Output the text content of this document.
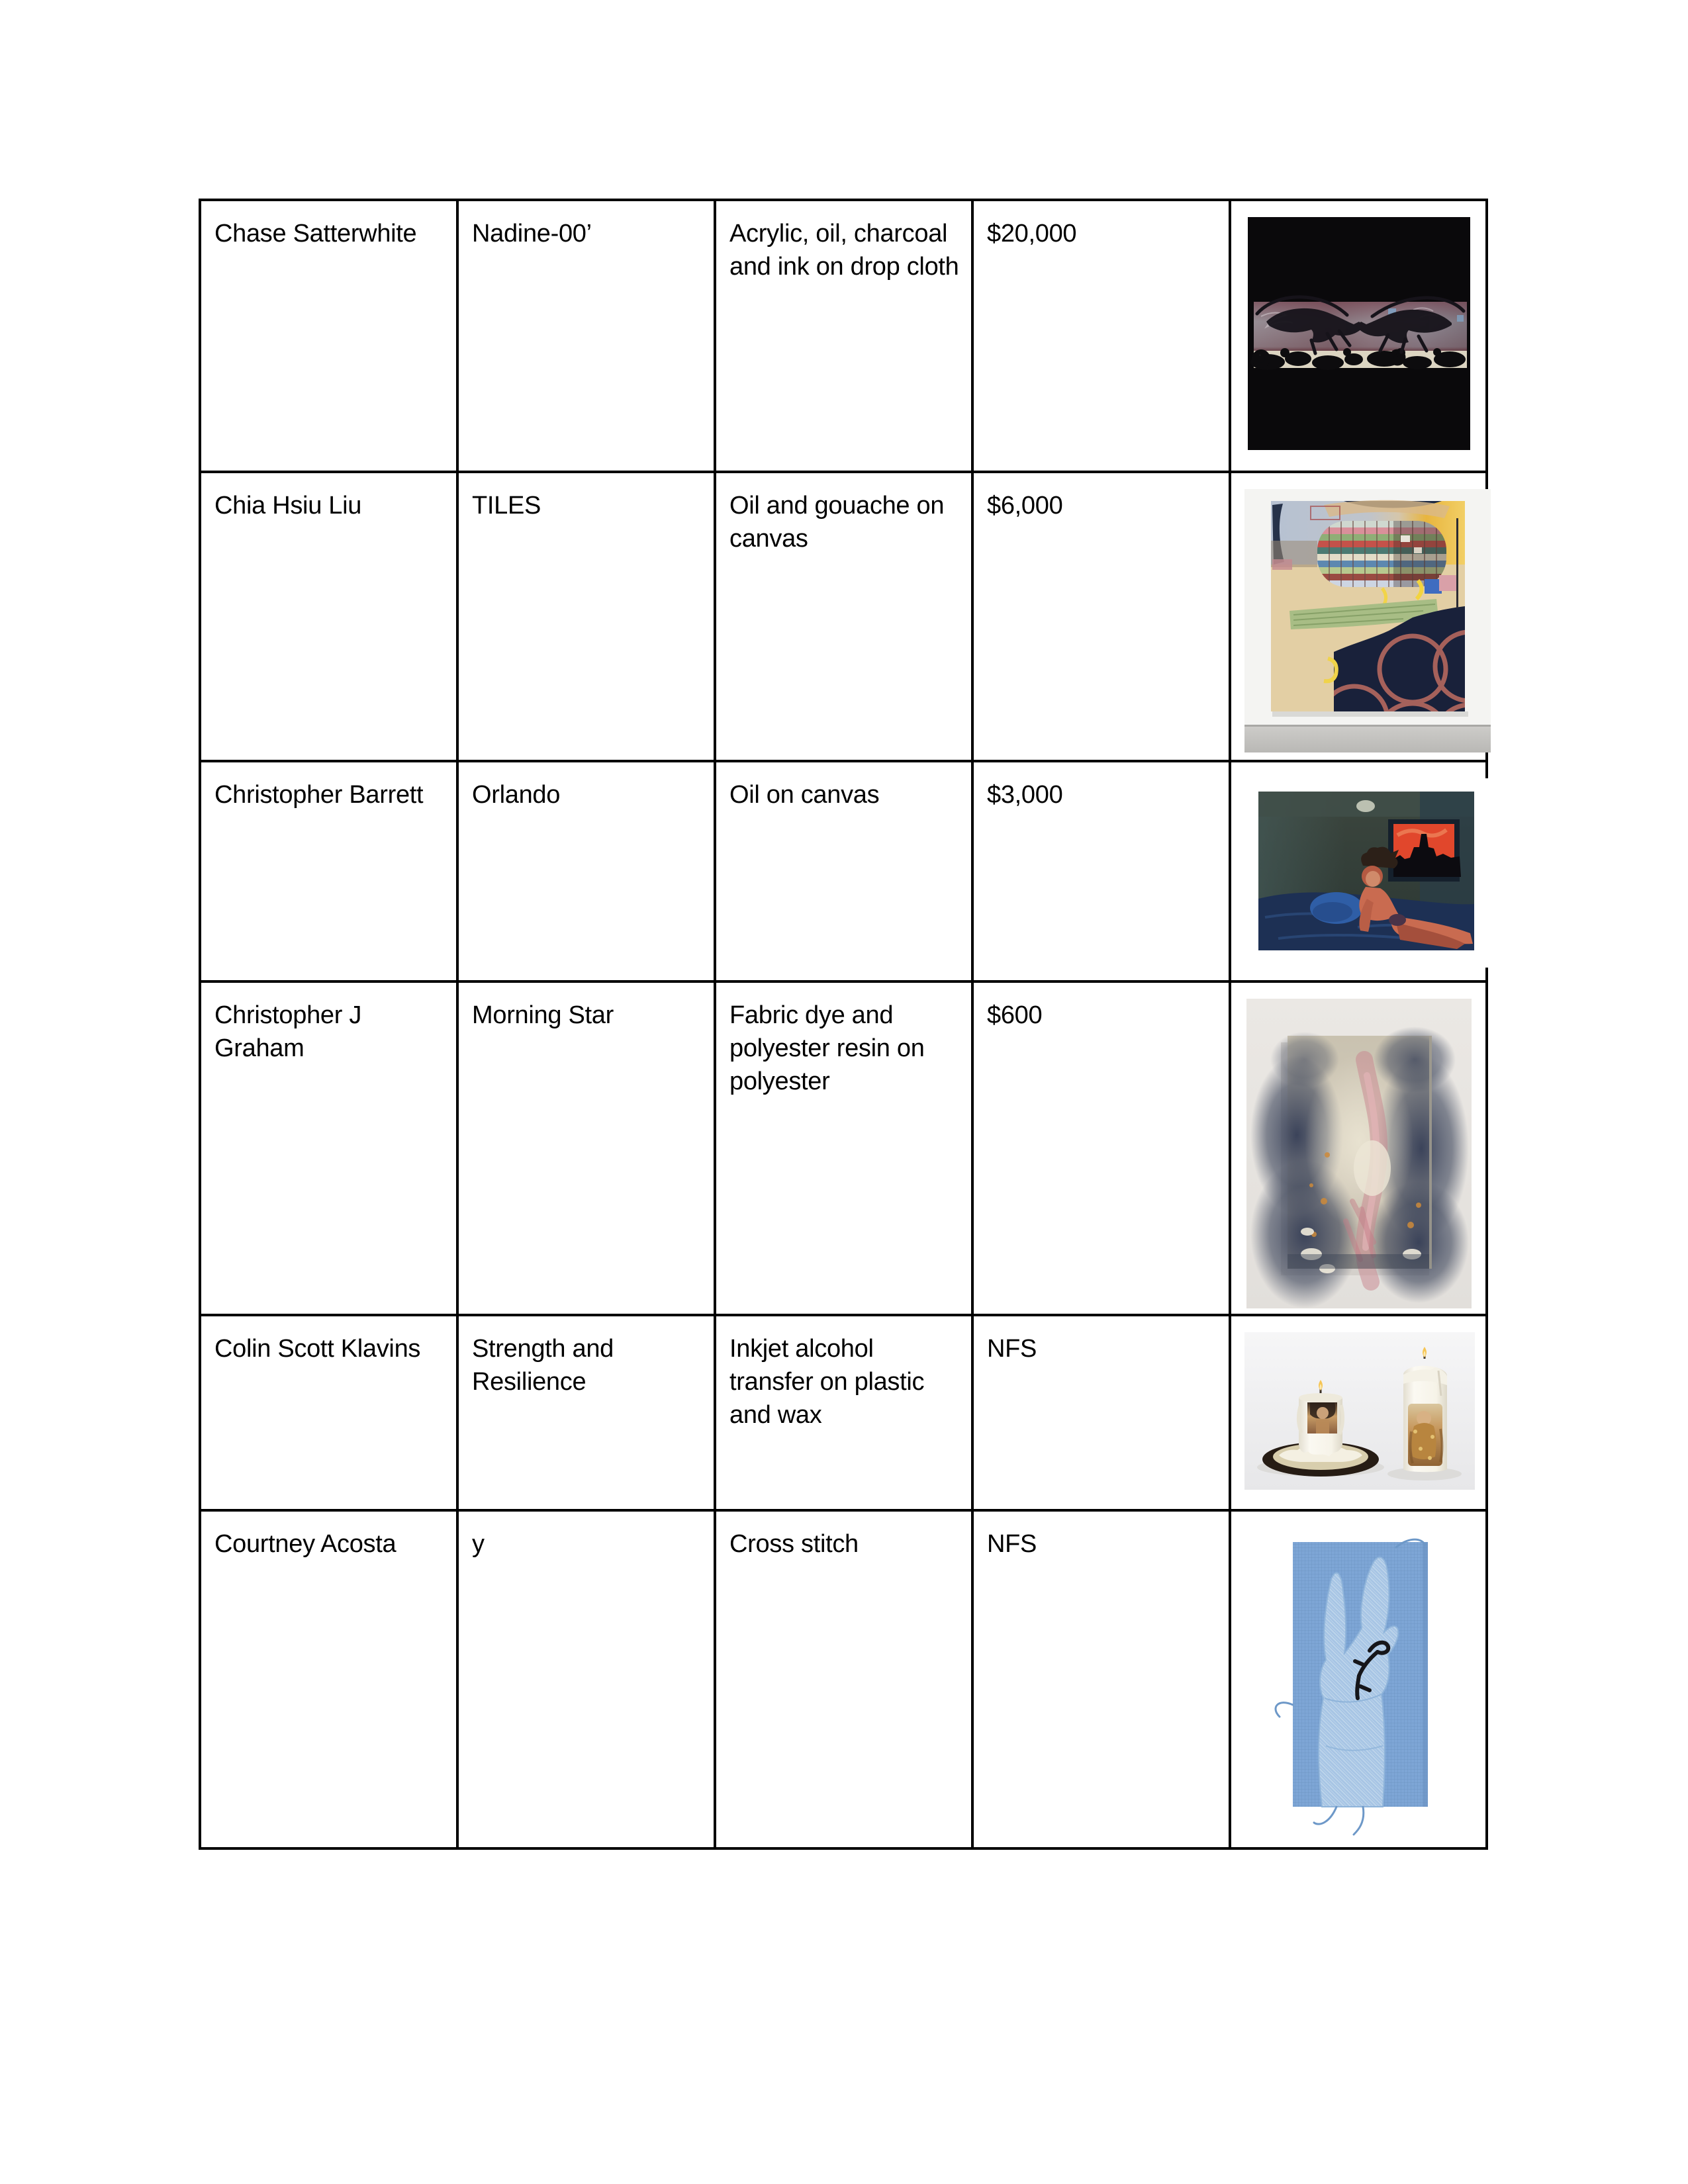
Chase Satterwhite	Nadine-00’	Acrylic, oil, charcoal and ink on drop cloth	$20,000	
Chia Hsiu Liu	TILES	Oil and gouache on canvas	$6,000	
Christopher Barrett	Orlando	Oil on canvas	$3,000	
Christopher J Graham	Morning Star	Fabric dye and polyester resin on polyester	$600	
Colin Scott Klavins	Strength and Resilience	Inkjet alcohol transfer on plastic and wax	NFS	
Courtney Acosta	y	Cross stitch	NFS	
